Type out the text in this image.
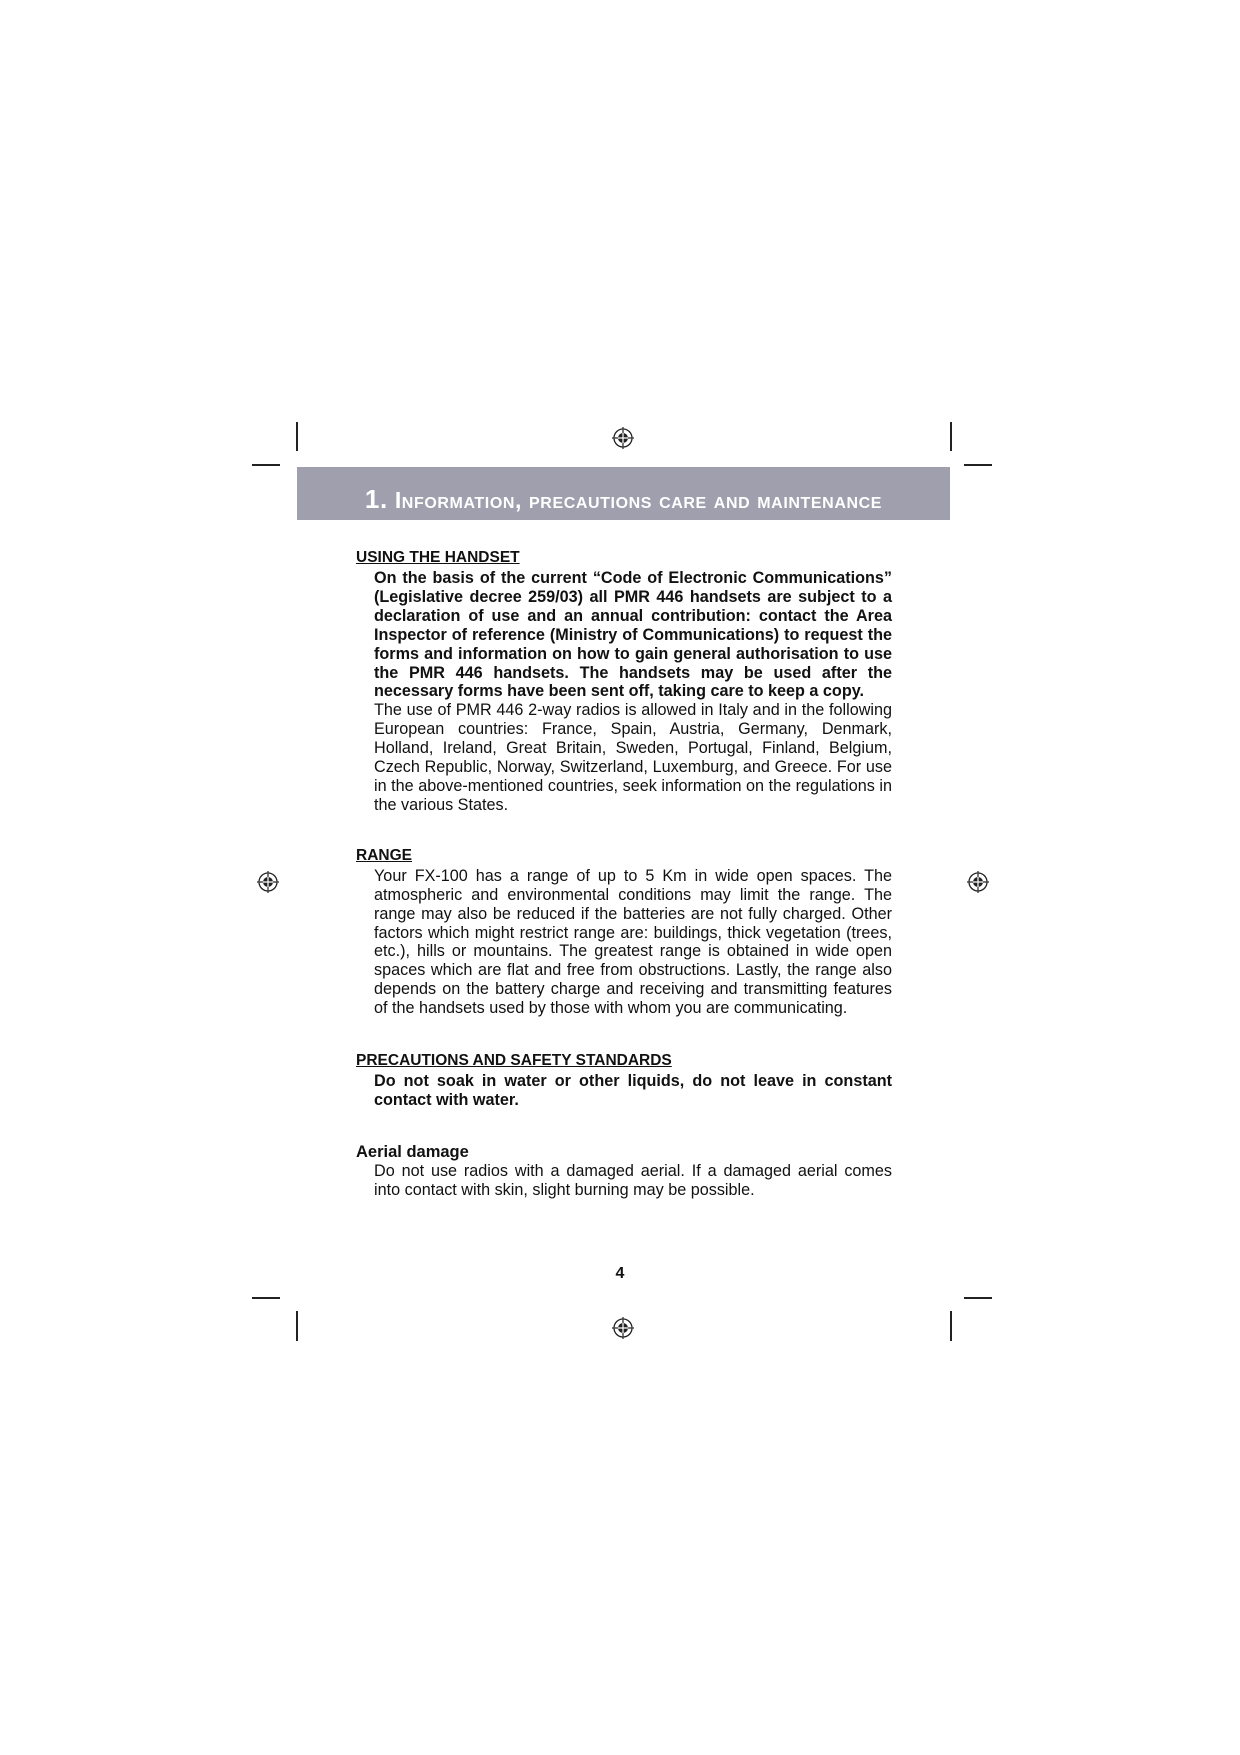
1. Information, precautions care and maintenance

USING THE HANDSET

On the basis of the current “Code of Electronic Communications” (Legislative decree 259/03) all PMR 446 handsets are subject to a declaration of use and an annual contribution: contact the Area Inspector of reference (Ministry of Communications) to request the forms and information on how to gain general authorisation to use the PMR 446 handsets. The handsets may be used after the necessary forms have been sent off, taking care to keep a copy.

The use of PMR 446 2-way radios is allowed in Italy and in the following European countries: France, Spain, Austria, Germany, Denmark, Holland, Ireland, Great Britain, Sweden, Portugal, Finland, Belgium, Czech Republic, Norway, Switzerland, Luxemburg, and Greece. For use in the above-mentioned countries, seek information on the regulations in the various States.

RANGE

Your FX-100 has a range of up to 5 Km in wide open spaces. The atmospheric and environmental conditions may limit the range. The range may also be reduced if the batteries are not fully charged. Other factors which might restrict range are: buildings, thick vegetation (trees, etc.), hills or mountains. The greatest range is obtained in wide open spaces which are flat and free from obstructions. Lastly, the range also depends on the battery charge and receiving and transmitting features of the handsets used by those with whom you are communicating.

PRECAUTIONS AND SAFETY STANDARDS

Do not soak in water or other liquids, do not leave in constant contact with water.

Aerial damage

Do not use radios with a damaged aerial. If a damaged aerial comes into contact with skin, slight burning may be possible.

4
